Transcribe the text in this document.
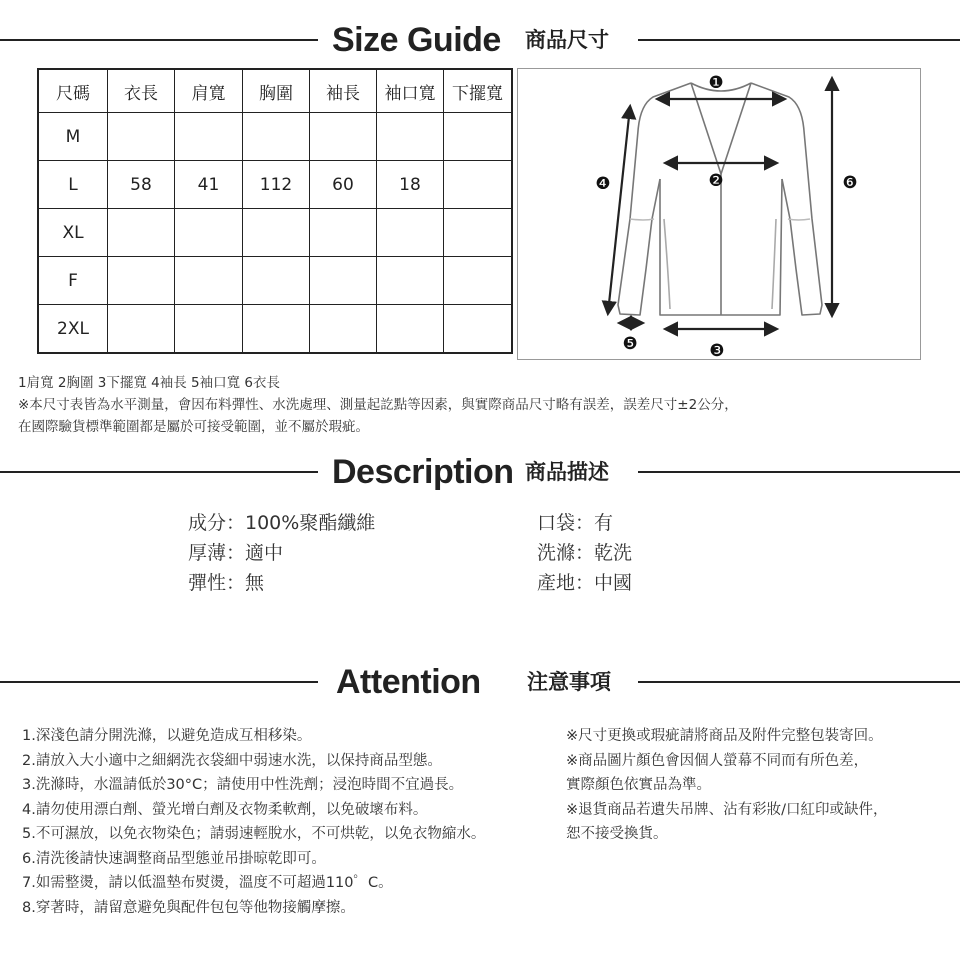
Size Guide 商品尺寸
尺碼	衣長	肩寬	胸圍	袖長	袖口寬	下擺寬
M						
L	58	41	112	60	18	
XL						
F						
2XL						
❶
❷
❸
❹
❺
❻
1肩寬 2胸圍 3下擺寬 4袖長 5袖口寬 6衣長
※本尺寸表皆為水平測量，會因布料彈性、水洗處理、測量起訖點等因素，與實際商品尺寸略有誤差，誤差尺寸±2公分，
在國際驗貨標準範圍都是屬於可接受範圍，並不屬於瑕疵。
Description 商品描述
成分：100%聚酯纖維
厚薄：適中
彈性：無
口袋：有
洗滌：乾洗
產地：中國
Attention 注意事項
1.深淺色請分開洗滌，以避免造成互相移染。
2.請放入大小適中之細網洗衣袋細中弱速水洗，以保持商品型態。
3.洗滌時，水溫請低於30°C；請使用中性洗劑；浸泡時間不宜過長。
4.請勿使用漂白劑、螢光增白劑及衣物柔軟劑，以免破壞布料。
5.不可濕放，以免衣物染色；請弱速輕脫水，不可烘乾，以免衣物縮水。
6.清洗後請快速調整商品型態並吊掛晾乾即可。
7.如需整燙，請以低溫墊布熨燙，溫度不可超過110゜C。
8.穿著時，請留意避免與配件包包等他物接觸摩擦。
※尺寸更換或瑕疵請將商品及附件完整包裝寄回。
※商品圖片顏色會因個人螢幕不同而有所色差，
實際顏色依實品為準。
※退貨商品若遺失吊牌、沾有彩妝/口紅印或缺件，
恕不接受換貨。
